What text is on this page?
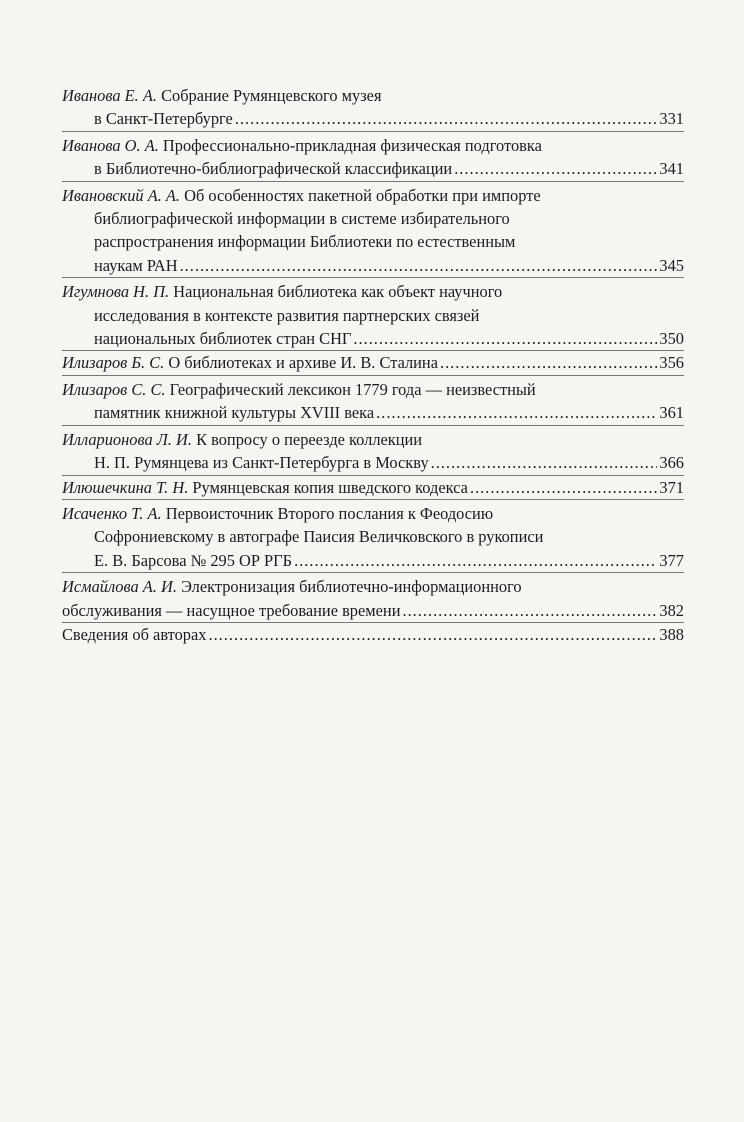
Иванова Е. А. Собрание Румянцевского музея
в Санкт-Петербурге .....	331
Иванова О. А. Профессионально-прикладная физическая подготовка
в Библиотечно-библиографической классификации .....	341
Ивановский А. А. Об особенностях пакетной обработки при импорте
библиографической информации в системе избирательного
распространения информации Библиотеки по естественным
наукам РАН .....	345
Игумнова Н. П. Национальная библиотека как объект научного
исследования в контексте развития партнерских связей
национальных библиотек стран СНГ .....	350
Илизаров Б. С. О библиотеках и архиве И. В. Сталина .....	356
Илизаров С. С. Географический лексикон 1779 года — неизвестный
памятник книжной культуры XVIII века .....	361
Илларионова Л. И. К вопросу о переезде коллекции
Н. П. Румянцева из Санкт-Петербурга в Москву .....	366
Илюшечкина Т. Н. Румянцевская копия шведского кодекса .....	371
Исаченко Т. А. Первоисточник Второго послания к Феодосию
Софрониевскому в автографе Паисия Величковского в рукописи
Е. В. Барсова № 295 ОР РГБ .....	377
Исмайлова А. И. Электронизация библиотечно-информационного
обслуживания — насущное требование времени .....	382
Сведения об авторах .....	388
